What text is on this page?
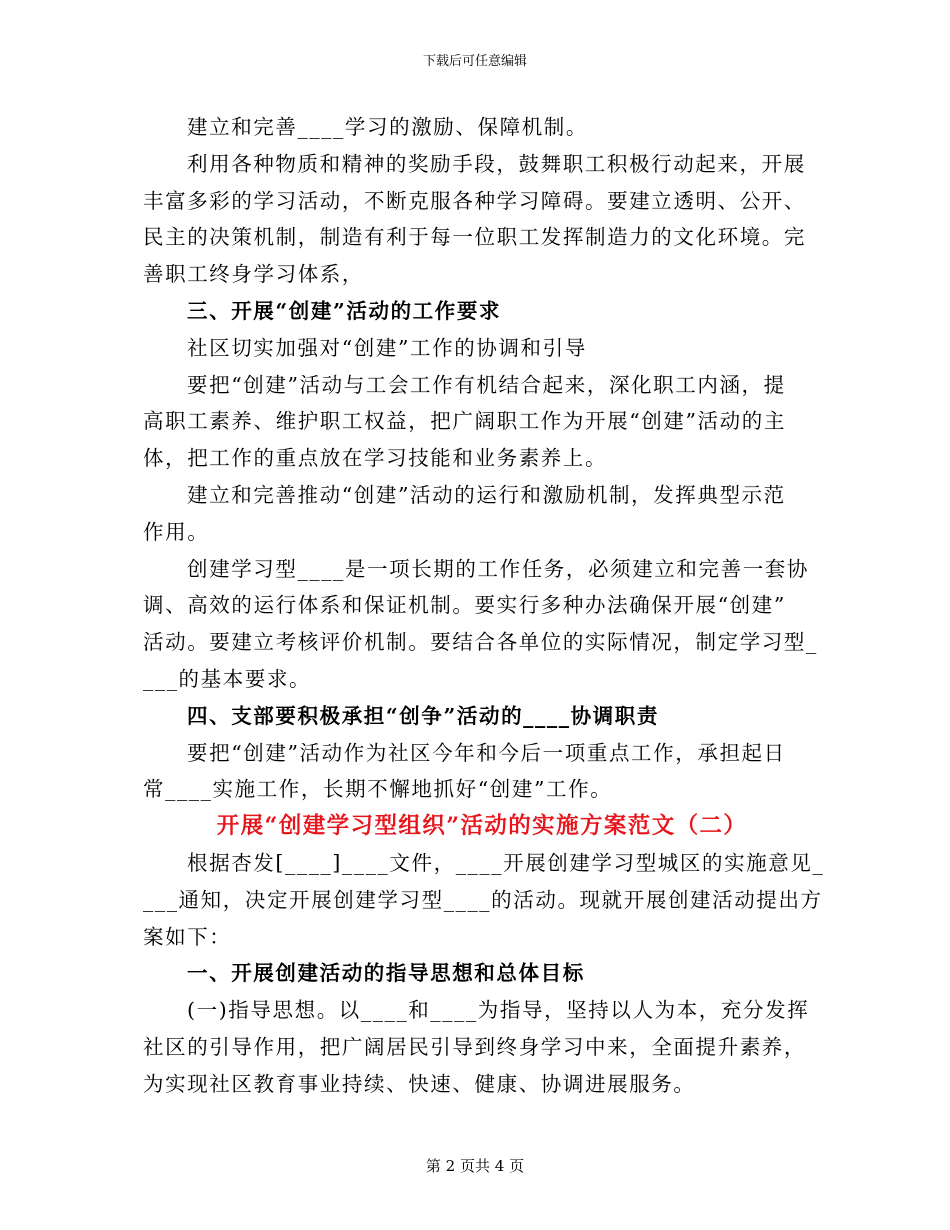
下载后可任意编辑

建立和完善____学习的激励、保障机制。

利用各种物质和精神的奖励手段，鼓舞职工积极行动起来，开展

丰富多彩的学习活动，不断克服各种学习障碍。要建立透明、公开、

民主的决策机制，制造有利于每一位职工发挥制造力的文化环境。完

善职工终身学习体系，

三、开展“创建”活动的工作要求

社区切实加强对“创建”工作的协调和引导

要把“创建”活动与工会工作有机结合起来，深化职工内涵，提

高职工素养、维护职工权益，把广阔职工作为开展“创建”活动的主

体，把工作的重点放在学习技能和业务素养上。

建立和完善推动“创建”活动的运行和激励机制，发挥典型示范

作用。

创建学习型____是一项长期的工作任务，必须建立和完善一套协

调、高效的运行体系和保证机制。要实行多种办法确保开展“创建”

活动。要建立考核评价机制。要结合各单位的实际情况，制定学习型_

___的基本要求。

四、支部要积极承担“创争”活动的____协调职责

要把“创建”活动作为社区今年和今后一项重点工作，承担起日

常____实施工作，长期不懈地抓好“创建”工作。

开展“创建学习型组织”活动的实施方案范文（二）

根据杏发[____]____文件，____开展创建学习型城区的实施意见_

___通知，决定开展创建学习型____的活动。现就开展创建活动提出方

案如下：

一、开展创建活动的指导思想和总体目标

(一)指导思想。以____和____为指导，坚持以人为本，充分发挥

社区的引导作用，把广阔居民引导到终身学习中来，全面提升素养，

为实现社区教育事业持续、快速、健康、协调进展服务。

第 2 页共 4 页
